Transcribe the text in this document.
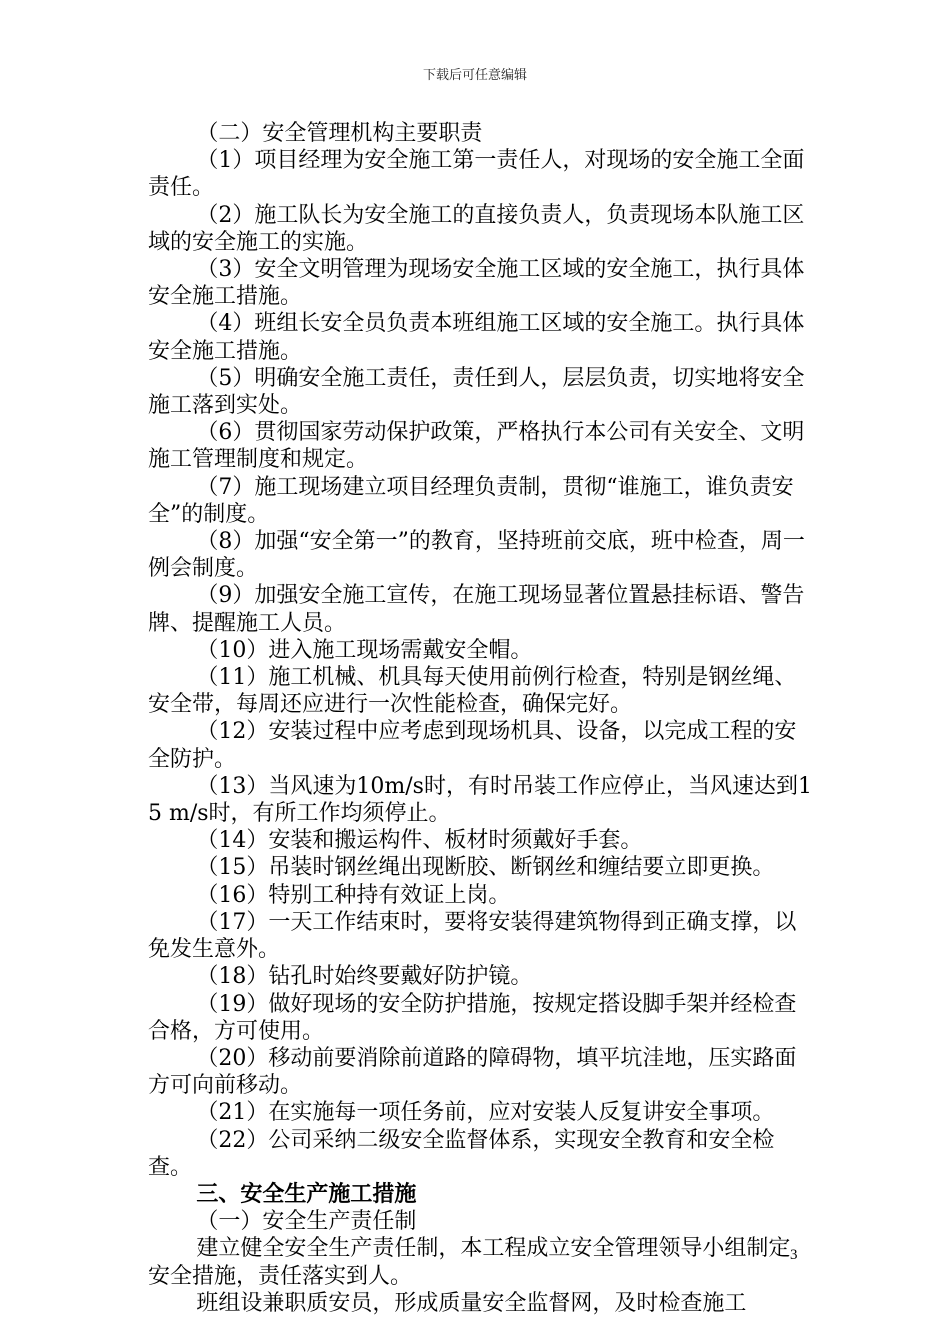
下载后可任意编辑

（二）安全管理机构主要职责

（1）项目经理为安全施工第一责任人，对现场的安全施工全面责任。

（2）施工队长为安全施工的直接负责人，负责现场本队施工区域的安全施工的实施。

（3）安全文明管理为现场安全施工区域的安全施工，执行具体安全施工措施。

（4）班组长安全员负责本班组施工区域的安全施工。执行具体安全施工措施。

（5）明确安全施工责任，责任到人，层层负责，切实地将安全施工落到实处。

（6）贯彻国家劳动保护政策，严格执行本公司有关安全、文明施工管理制度和规定。

（7）施工现场建立项目经理负责制，贯彻“谁施工，谁负责安全”的制度。

（8）加强“安全第一”的教育，坚持班前交底，班中检查，周一例会制度。

（9）加强安全施工宣传，在施工现场显著位置悬挂标语、警告牌、提醒施工人员。

（10）进入施工现场需戴安全帽。

（11）施工机械、机具每天使用前例行检查，特别是钢丝绳、安全带，每周还应进行一次性能检查，确保完好。

（12）安装过程中应考虑到现场机具、设备，以完成工程的安全防护。

（13）当风速为10m/s时，有时吊装工作应停止，当风速达到15 m/s时，有所工作均须停止。

（14）安装和搬运构件、板材时须戴好手套。

（15）吊装时钢丝绳出现断胶、断钢丝和缠结要立即更换。

（16）特别工种持有效证上岗。

（17）一天工作结束时，要将安装得建筑物得到正确支撑，以免发生意外。

（18）钻孔时始终要戴好防护镜。

（19）做好现场的安全防护措施，按规定搭设脚手架并经检查合格，方可使用。

（20）移动前要消除前道路的障碍物，填平坑洼地，压实路面方可向前移动。

（21）在实施每一项任务前，应对安装人反复讲安全事项。

（22）公司采纳二级安全监督体系，实现安全教育和安全检查。

三、安全生产施工措施

（一）安全生产责任制

建立健全安全生产责任制，本工程成立安全管理领导小组制定安全措施，责任落实到人。

班组设兼职质安员，形成质量安全监督网，及时检查施工

3
